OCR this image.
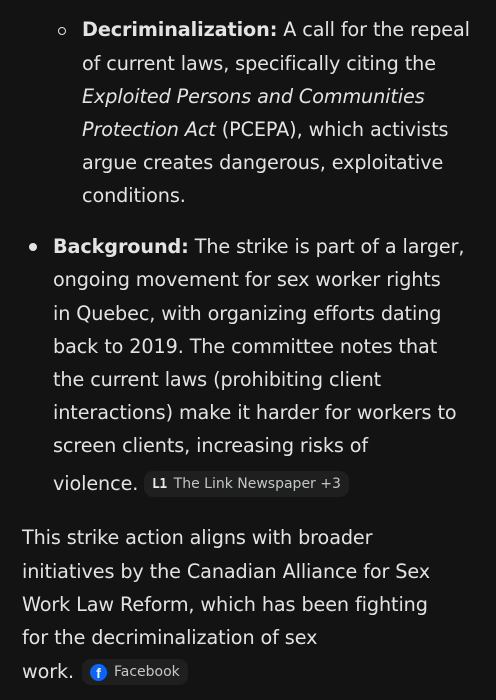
Decriminalization: A call for the repeal
of current laws, specifically citing the
Exploited Persons and Communities
Protection Act (PCEPA), which activists
argue creates dangerous, exploitative
conditions.
Background: The strike is part of a larger,
ongoing movement for sex worker rights
in Quebec, with organizing efforts dating
back to 2019. The committee notes that
the current laws (prohibiting client
interactions) make it harder for workers to
screen clients, increasing risks of
violence. L1 The Link Newspaper +3
This strike action aligns with broader
initiatives by the Canadian Alliance for Sex
Work Law Reform, which has been fighting
for the decriminalization of sex
work.	f Facebook
